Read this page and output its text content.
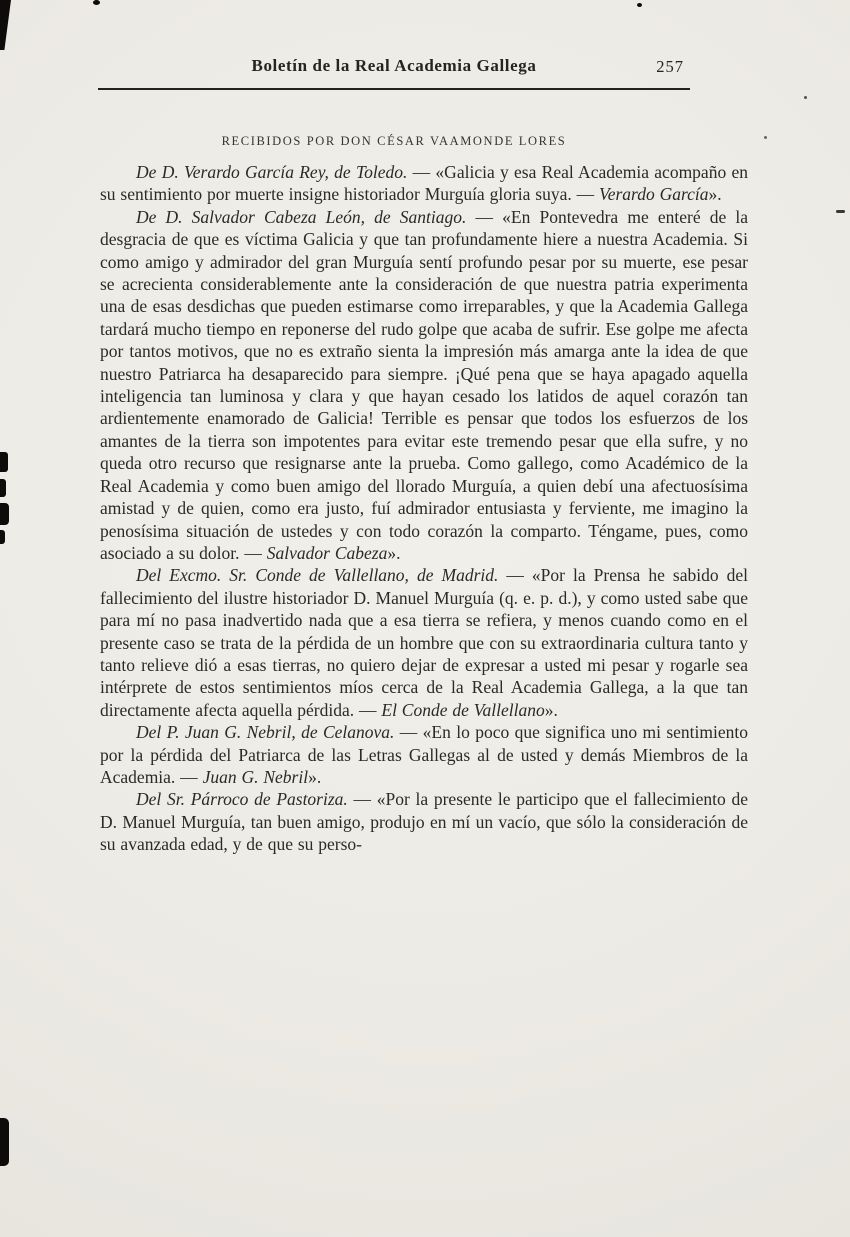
Boletín de la Real Academia Gallega	257
RECIBIDOS POR DON CÉSAR VAAMONDE LORES

De D. Verardo García Rey, de Toledo. — «Galicia y esa Real Academia acompaño en su sentimiento por muerte insigne historiador Murguía gloria suya. — Verardo García».

De D. Salvador Cabeza León, de Santiago. — «En Pontevedra me enteré de la desgracia de que es víctima Galicia y que tan profundamente hiere a nuestra Academia. Si como amigo y admirador del gran Murguía sentí profundo pesar por su muerte, ese pesar se acrecienta considerablemente ante la consideración de que nuestra patria experimenta una de esas desdichas que pueden estimarse como irreparables, y que la Academia Gallega tardará mucho tiempo en reponerse del rudo golpe que acaba de sufrir. Ese golpe me afecta por tantos motivos, que no es extraño sienta la impresión más amarga ante la idea de que nuestro Patriarca ha desaparecido para siempre. ¡Qué pena que se haya apagado aquella inteligencia tan luminosa y clara y que hayan cesado los latidos de aquel corazón tan ardientemente enamorado de Galicia! Terrible es pensar que todos los esfuerzos de los amantes de la tierra son impotentes para evitar este tremendo pesar que ella sufre, y no queda otro recurso que resignarse ante la prueba. Como gallego, como Académico de la Real Academia y como buen amigo del llorado Murguía, a quien debí una afectuosísima amistad y de quien, como era justo, fuí admirador entusiasta y ferviente, me imagino la penosísima situación de ustedes y con todo corazón la comparto. Téngame, pues, como asociado a su dolor. — Salvador Cabeza».

Del Excmo. Sr. Conde de Vallellano, de Madrid. — «Por la Prensa he sabido del fallecimiento del ilustre historiador D. Manuel Murguía (q. e. p. d.), y como usted sabe que para mí no pasa inadvertido nada que a esa tierra se refiera, y menos cuando como en el presente caso se trata de la pérdida de un hombre que con su extraordinaria cultura tanto y tanto relieve dió a esas tierras, no quiero dejar de expresar a usted mi pesar y rogarle sea intérprete de estos sentimientos míos cerca de la Real Academia Gallega, a la que tan directamente afecta aquella pérdida. — El Conde de Vallellano».

Del P. Juan G. Nebril, de Celanova. — «En lo poco que significa uno mi sentimiento por la pérdida del Patriarca de las Letras Gallegas al de usted y demás Miembros de la Academia. — Juan G. Nebril».

Del Sr. Párroco de Pastoriza. — «Por la presente le participo que el fallecimiento de D. Manuel Murguía, tan buen amigo, produjo en mí un vacío, que sólo la consideración de su avanzada edad, y de que su perso-
